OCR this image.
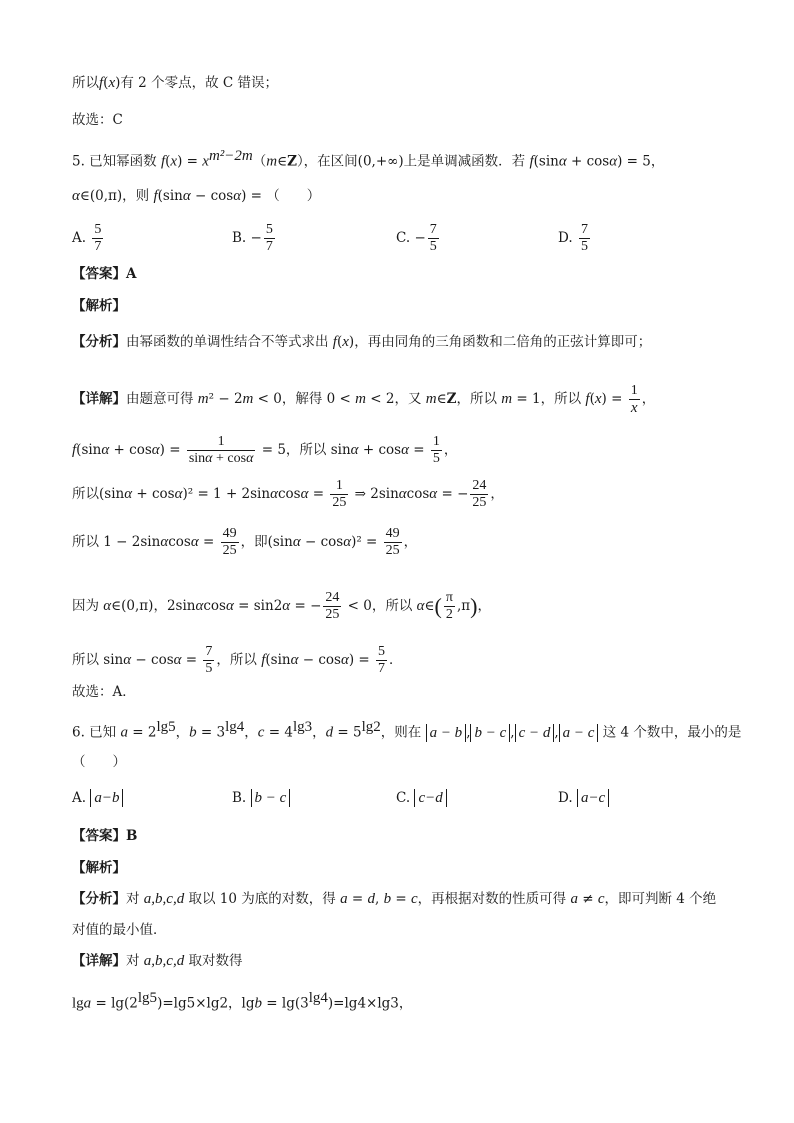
所以f(x)有 2 个零点，故 C 错误；
故选：C
5. 已知幂函数 $f(x) = x^{m^2-2m}(m\in Z)$，在区间(0,+∞)上是单调减函数．若 f(sinα + cosα) = 5，
α∈(0,π)，则 f(sinα − cosα) = （　　）
A. $\frac{5}{7}$	B. − $\frac{5}{7}$	C. − $\frac{7}{5}$	D. $\frac{7}{5}$
【答案】A
【解析】
【分析】由幂函数的单调性结合不等式求出 f(x)，再由同角的三角函数和二倍角的正弦计算即可；
【详解】由题意可得 m² − 2m < 0，解得 0 < m < 2，又 m∈Z，所以 m = 1，所以 $f(x) = \frac{1}{x}$ ，
$f(\sin\alpha + \cos\alpha) = \frac{1}{\sin\alpha + \cos\alpha} = 5$，所以 $\sin\alpha + \cos\alpha = \frac{1}{5}$ ，
所以$(\sin\alpha + \cos\alpha)^2 = 1 + 2\sin\alpha\cos\alpha = \frac{1}{25}$ ⇒ 2sinαcosα = − $\frac{24}{25}$ ，
所以 $1 - 2\sin\alpha\cos\alpha = \frac{49}{25}$ ，即$(\sin\alpha - \cos\alpha)^2 = \frac{49}{25}$ ，
因为 α∈(0,π)，2sinαcosα = sin2α = − $\frac{24}{25} < 0$，所以 α∈( $\frac{\pi}{2} ,\pi$)，
所以 $\sin\alpha - \cos\alpha = \frac{7}{5}$ ，所以 $f(\sin\alpha - \cos\alpha) = \frac{5}{7}$ ．
故选：A．
6. 已知 $a = 2^{lg5}$，$b = 3^{lg4}$，$c = 4^{lg3}$，$d = 5^{lg2}$，则在 a − b , b − c , c − d , a − c 这 4 个数中，最小的是
（　　）
A. a−b	B. b − c	C. c−d	D. a−c
【答案】B
【解析】
【分析】对 a,b,c,d 取以 10 为底的对数，得 a = d, b = c，再根据对数的性质可得 a ≠ c，即可判断 4 个绝
对值的最小值．
【详解】对 a,b,c,d 取对数得
$\lg a = \lg(2^{lg5})=\lg 5\times\lg 2$，$\lg b = \lg(3^{lg4})=\lg 4\times\lg 3$，
